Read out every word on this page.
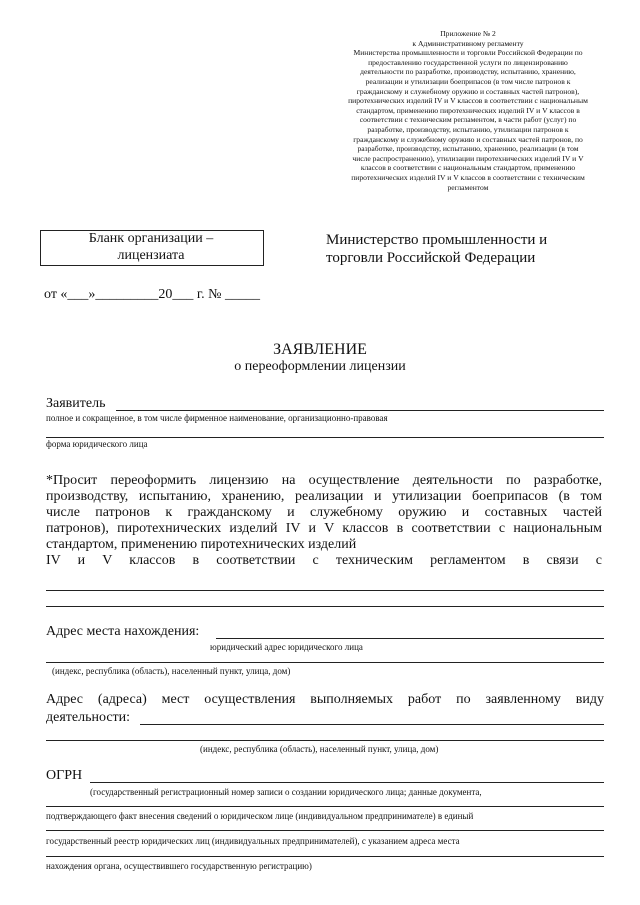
Приложение № 2
к Административному регламенту
Министерства промышленности и торговли Российской Федерации по
предоставлению государственной услуги по лицензированию
деятельности по разработке, производству, испытанию, хранению,
реализации и утилизации боеприпасов (в том числе патронов к
гражданскому и служебному оружию и составных частей патронов),
пиротехнических изделий IV и V классов в соответствии с национальным
стандартом, применению пиротехнических изделий IV и V классов в
соответствии с техническим регламентом, в части работ (услуг) по
разработке, производству, испытанию, утилизации патронов к
гражданскому и служебному оружию и составных частей патронов, по
разработке, производству, испытанию, хранению, реализации (в том
числе распространению), утилизации пиротехнических изделий IV и V
классов в соответствии с национальным стандартом, применению
пиротехнических изделий IV и V классов в соответствии с техническим
регламентом
Бланк организации –
лицензиата
Министерство промышленности и
торговли Российской Федерации
от «___»_________20___ г. № _____
ЗАЯВЛЕНИЕ
о переоформлении лицензии
Заявитель
полное и сокращенное, в том числе фирменное наименование, организационно-правовая
форма юридического лица
*Просит переоформить лицензию на осуществление деятельности по разработке,
производству, испытанию, хранению, реализации и утилизации боеприпасов (в том
числе патронов к гражданскому и служебному оружию и составных частей
патронов), пиротехнических изделий IV и V классов в соответствии с национальным
стандартом, применению пиротехнических изделий
IV и V классов в соответствии с техническим регламентом в связи с
Адрес места нахождения:
юридический адрес юридического лица
(индекс, республика (область), населенный пункт, улица, дом)
Адрес (адреса) мест осуществления выполняемых работ по заявленному виду
деятельности:
(индекс, республика (область), населенный пункт, улица, дом)
ОГРН
(государственный регистрационный номер записи о создании юридического лица; данные документа,
подтверждающего факт внесения сведений о юридическом лице (индивидуальном предпринимателе) в единый
государственный реестр юридических лиц (индивидуальных предпринимателей), с указанием адреса места
нахождения органа, осуществившего государственную регистрацию)
